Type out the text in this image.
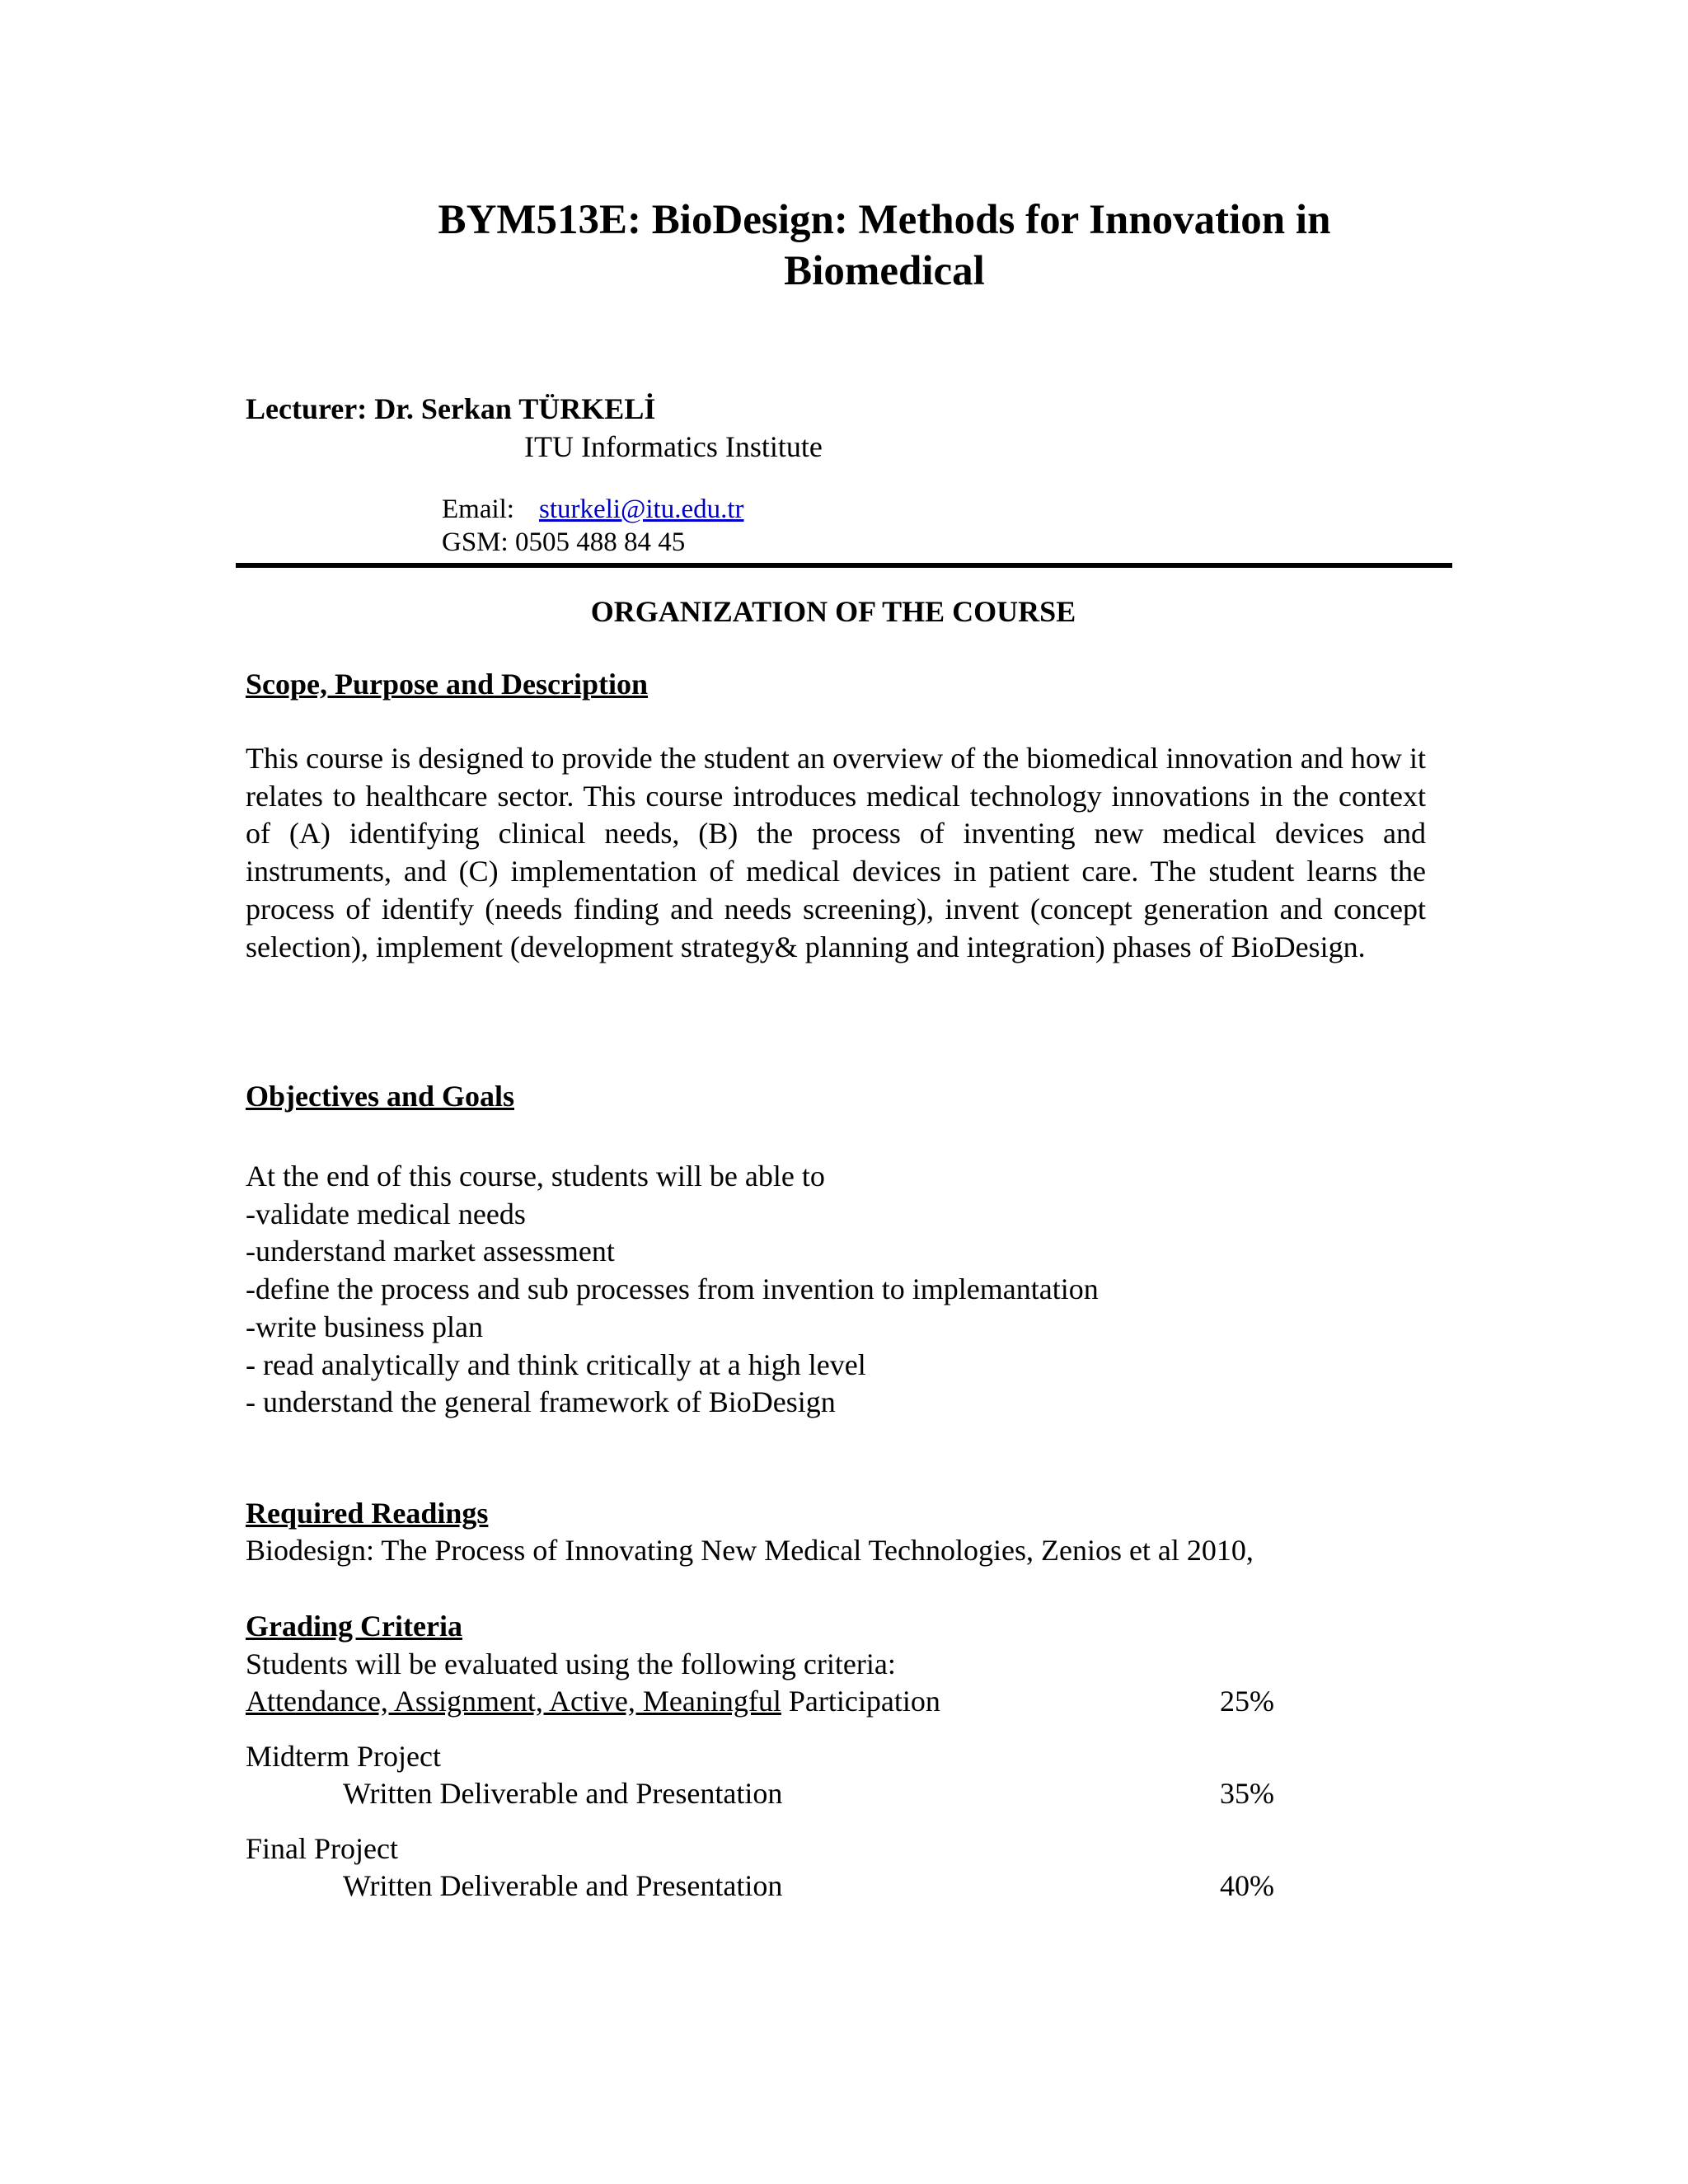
BYM513E: BioDesign: Methods for Innovation in
Biomedical
Lecturer: Dr. Serkan TÜRKELİ
ITU Informatics Institute
Email: sturkeli@itu.edu.tr
GSM: 0505 488 84 45
ORGANIZATION OF THE COURSE
Scope, Purpose and Description
This course is designed to provide the student an overview of the biomedical innovation and how it relates to healthcare sector. This course introduces medical technology innovations in the context of (A) identifying clinical needs, (B) the process of inventing new medical devices and instruments, and (C) implementation of medical devices in patient care. The student learns the process of identify (needs finding and needs screening), invent (concept generation and concept selection), implement (development strategy& planning and integration) phases of BioDesign.
Objectives and Goals
At the end of this course, students will be able to
-validate medical needs
-understand market assessment
-define the process and sub processes from invention to implemantation
-write business plan
- read analytically and think critically at a high level
- understand the general framework of BioDesign
Required Readings
Biodesign: The Process of Innovating New Medical Technologies, Zenios et al 2010,
Grading Criteria
Students will be evaluated using the following criteria:
Attendance, Assignment, Active, Meaningful Participation	25%
Midterm Project
Written Deliverable and Presentation	35%
Final Project
Written Deliverable and Presentation	40%
